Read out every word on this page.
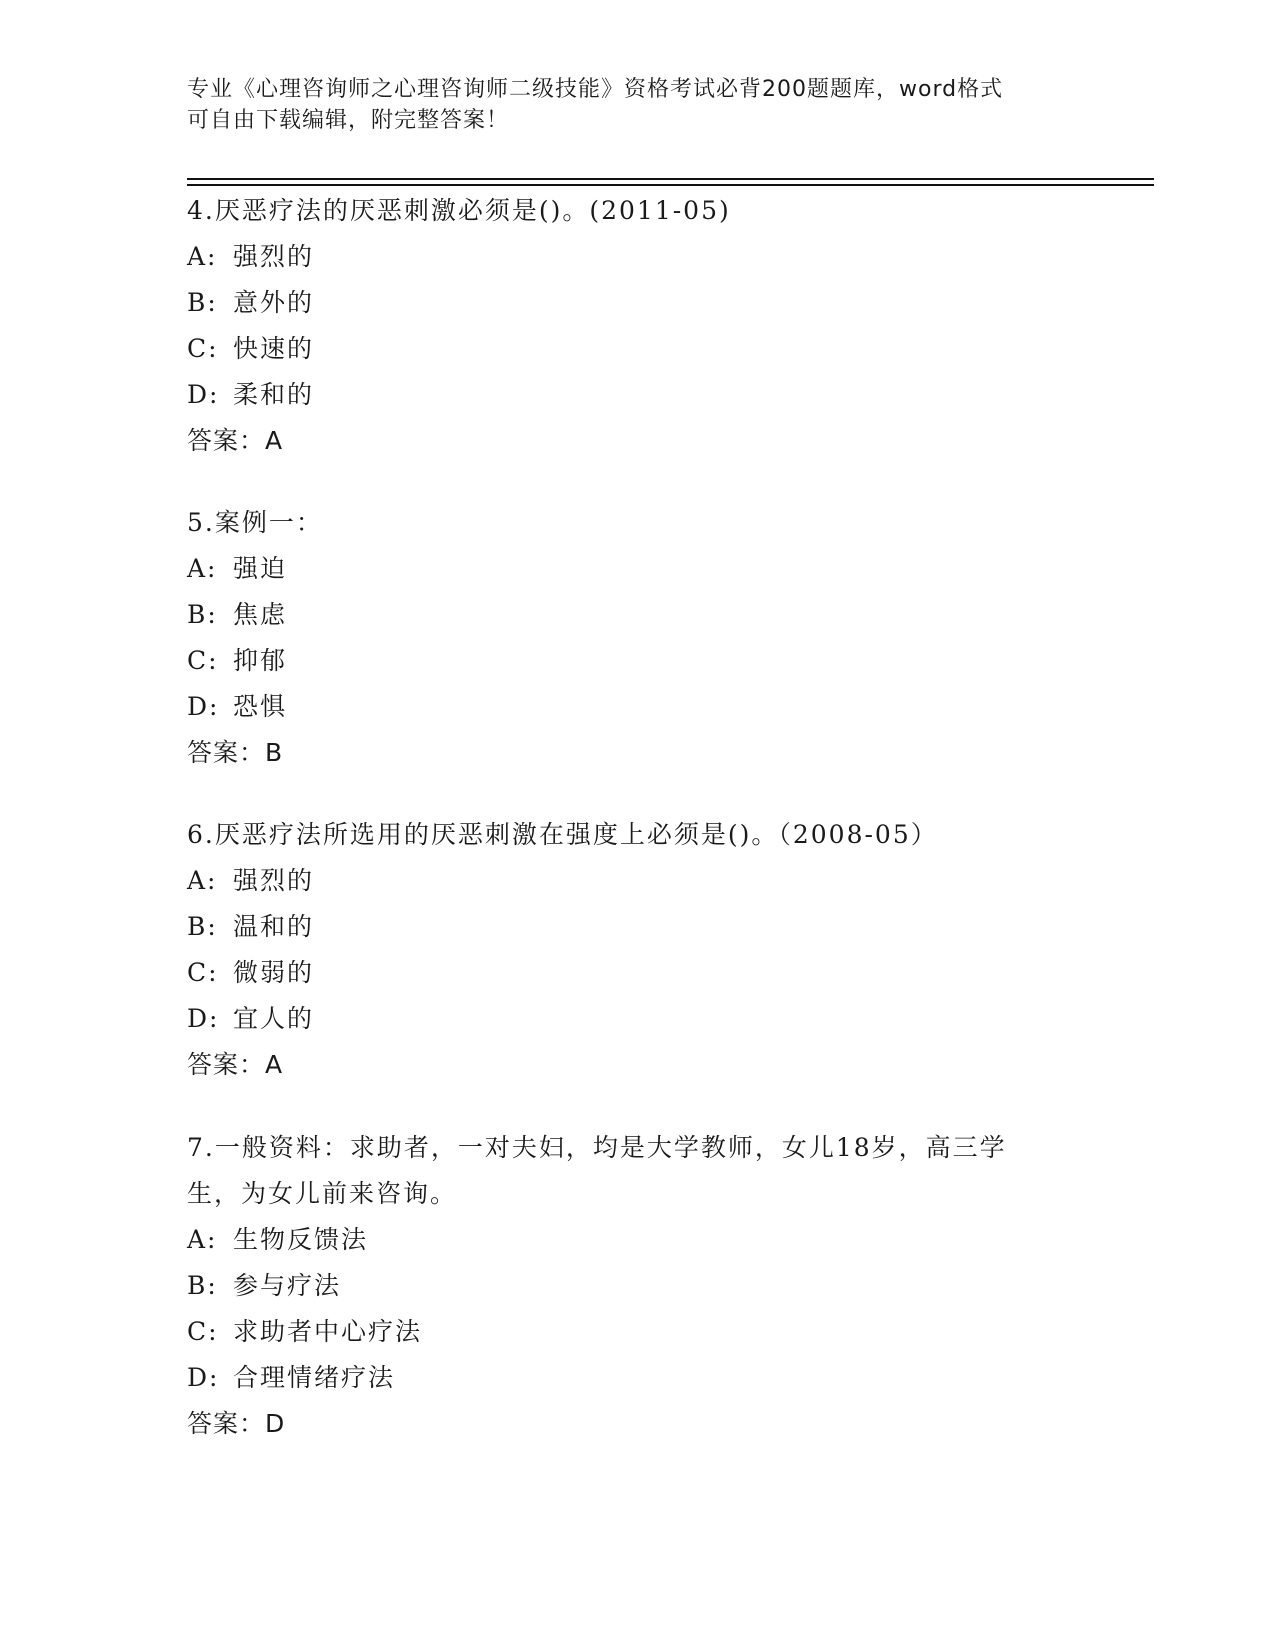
专业《心理咨询师之心理咨询师二级技能》资格考试必背200题题库，word格式
可自由下载编辑，附完整答案！
4.厌恶疗法的厌恶刺激必须是()。(2011-05)
A: 强烈的
B: 意外的
C: 快速的
D: 柔和的
答案：A
5.案例一：
A: 强迫
B: 焦虑
C: 抑郁
D: 恐惧
答案：B
6.厌恶疗法所选用的厌恶刺激在强度上必须是()。（2008-05）
A: 强烈的
B: 温和的
C: 微弱的
D: 宜人的
答案：A
7.一般资料：求助者，一对夫妇，均是大学教师，女儿18岁，高三学
生，为女儿前来咨询。
A: 生物反馈法
B: 参与疗法
C: 求助者中心疗法
D: 合理情绪疗法
答案：D
